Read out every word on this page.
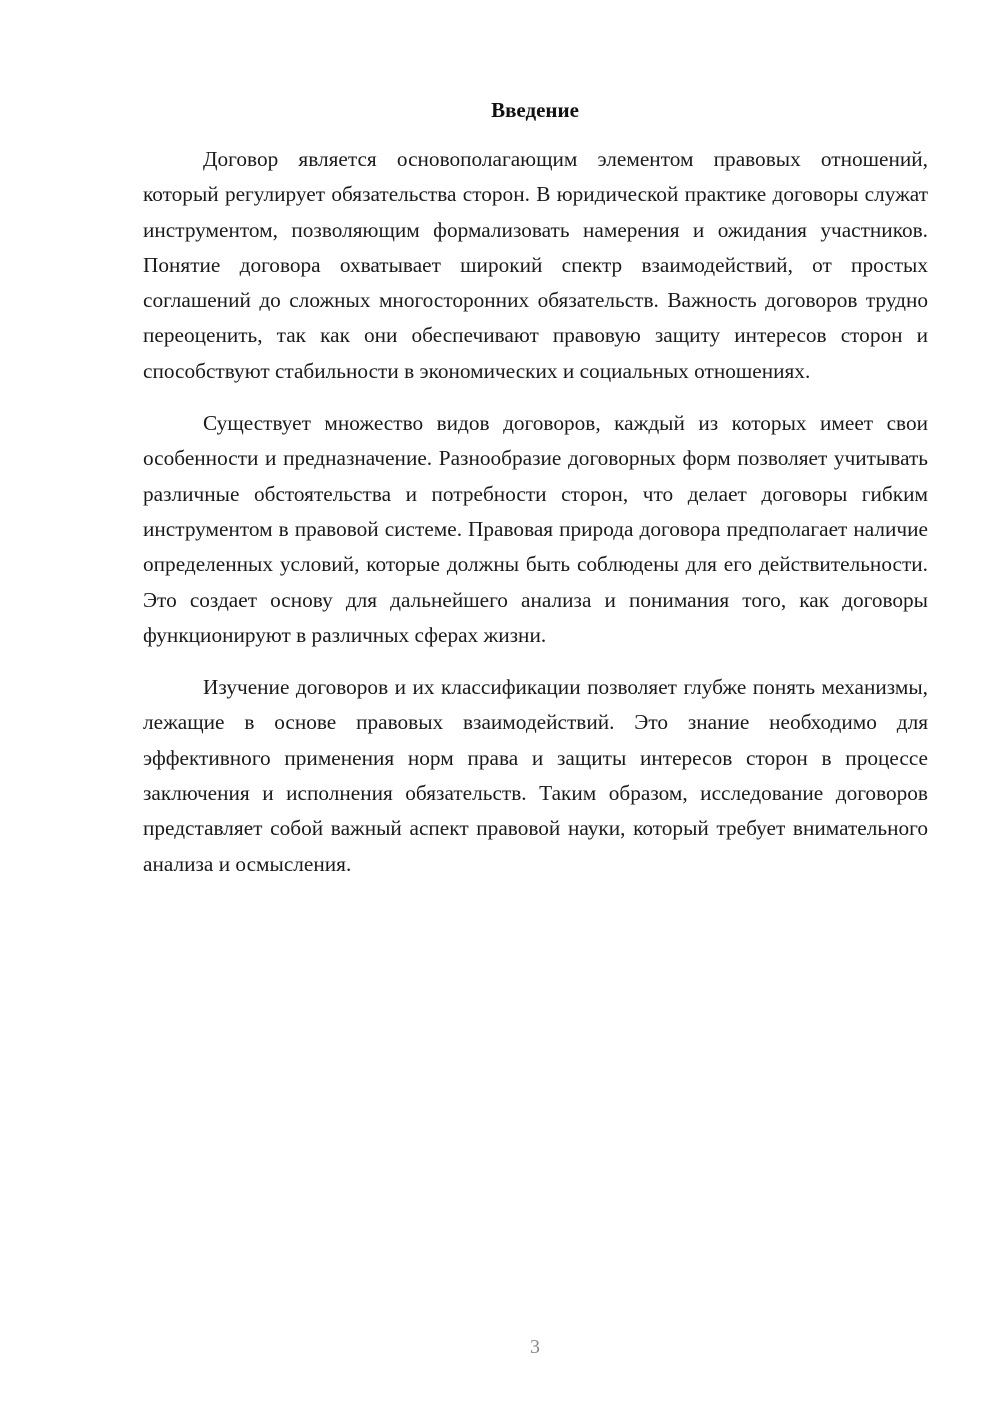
Введение

Договор является основополагающим элементом правовых отношений, который регулирует обязательства сторон. В юридической практике договоры служат инструментом, позволяющим формализовать намерения и ожидания участников. Понятие договора охватывает широкий спектр взаимодействий, от простых соглашений до сложных многосторонних обязательств. Важность договоров трудно переоценить, так как они обеспечивают правовую защиту интересов сторон и способствуют стабильности в экономических и социальных отношениях.

Существует множество видов договоров, каждый из которых имеет свои особенности и предназначение. Разнообразие договорных форм позволяет учитывать различные обстоятельства и потребности сторон, что делает договоры гибким инструментом в правовой системе. Правовая природа договора предполагает наличие определенных условий, которые должны быть соблюдены для его действительности. Это создает основу для дальнейшего анализа и понимания того, как договоры функционируют в различных сферах жизни.

Изучение договоров и их классификации позволяет глубже понять механизмы, лежащие в основе правовых взаимодействий. Это знание необходимо для эффективного применения норм права и защиты интересов сторон в процессе заключения и исполнения обязательств. Таким образом, исследование договоров представляет собой важный аспект правовой науки, который требует внимательного анализа и осмысления.

3
